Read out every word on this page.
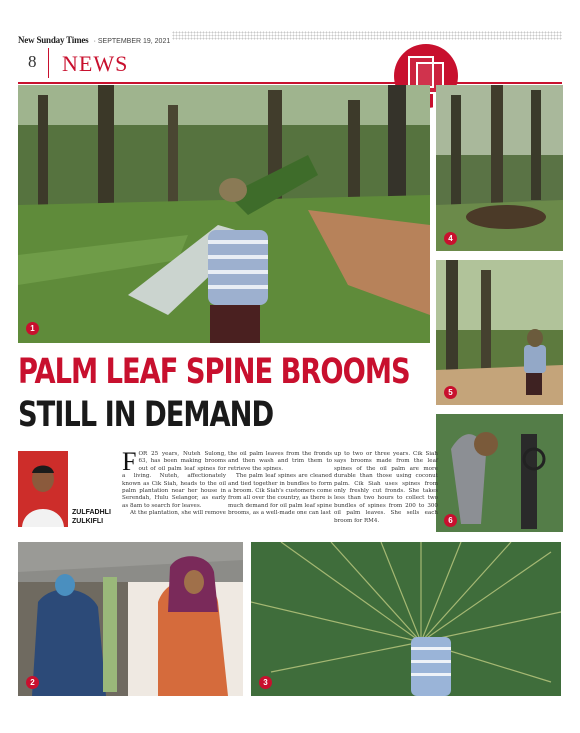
New Sunday Times · SEPTEMBER 19, 2021
8 NEWS
1
4
5
6
PALM LEAF SPINE BROOMS
STILL IN DEMAND
ZULFADHLI
ZULKIFLI

FOR 25 years, Nuteh Sulong, 63, has been making brooms out of oil palm leaf spines for a living. Nuteh, affectionately known as Cik Siah, heads to the oil palm plantation near her house in Serendah, Hulu Selangor, as early as 8am to search for leaves.

At the plantation, she will remove

the oil palm leaves from the fronds and then wash and trim them to retrieve the spines.

The palm leaf spines are cleaned and tied together in bundles to form a broom. Cik Siah's customers come from all over the country, as there is much demand for oil palm leaf spine brooms, as a well-made one can last

up to two or three years. Cik Siah says brooms made from the leaf spines of the oil palm are more durable than those using coconut palm. Cik Siah uses spines from only freshly cut fronds. She takes less than two hours to collect two bundles of spines from 200 to 300 oil palm leaves. She sells each broom for RM4.

2	3
